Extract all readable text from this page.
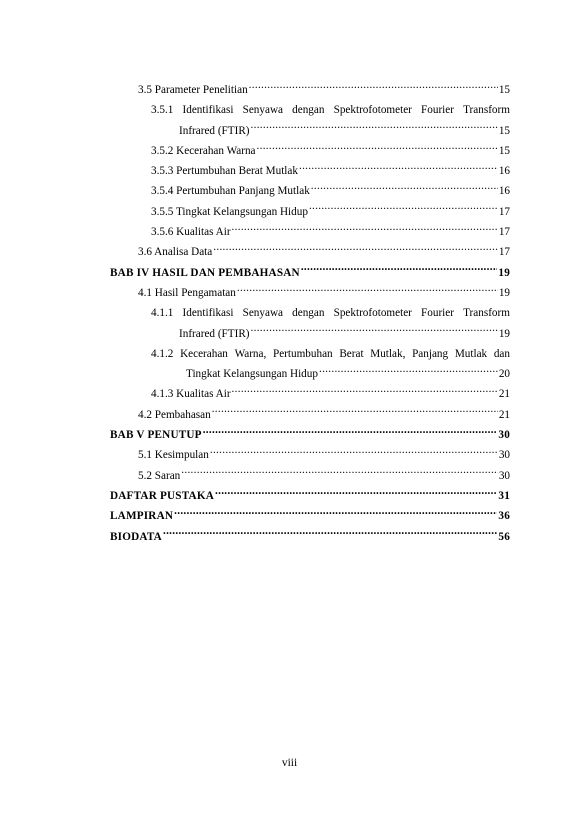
3.5 Parameter Penelitian .....	15
3.5.1 Identifikasi Senyawa dengan Spektrofotometer Fourier Transform
Infrared (FTIR) .....	15
3.5.2 Kecerahan Warna .....	15
3.5.3 Pertumbuhan Berat Mutlak .....	16
3.5.4 Pertumbuhan Panjang Mutlak .....	16
3.5.5 Tingkat Kelangsungan Hidup .....	17
3.5.6 Kualitas Air .....	17
3.6 Analisa Data .....	17
BAB IV HASIL DAN PEMBAHASAN .....	19
4.1 Hasil Pengamatan .....	19
4.1.1 Identifikasi Senyawa dengan Spektrofotometer Fourier Transform
Infrared (FTIR) .....	19
4.1.2 Kecerahan Warna, Pertumbuhan Berat Mutlak, Panjang Mutlak dan
Tingkat Kelangsungan Hidup .....	20
4.1.3 Kualitas Air .....	21
4.2 Pembahasan .....	21
BAB V PENUTUP .....	30
5.1 Kesimpulan .....	30
5.2 Saran .....	30
DAFTAR PUSTAKA .....	31
LAMPIRAN .....	36
BIODATA .....	56
viii
